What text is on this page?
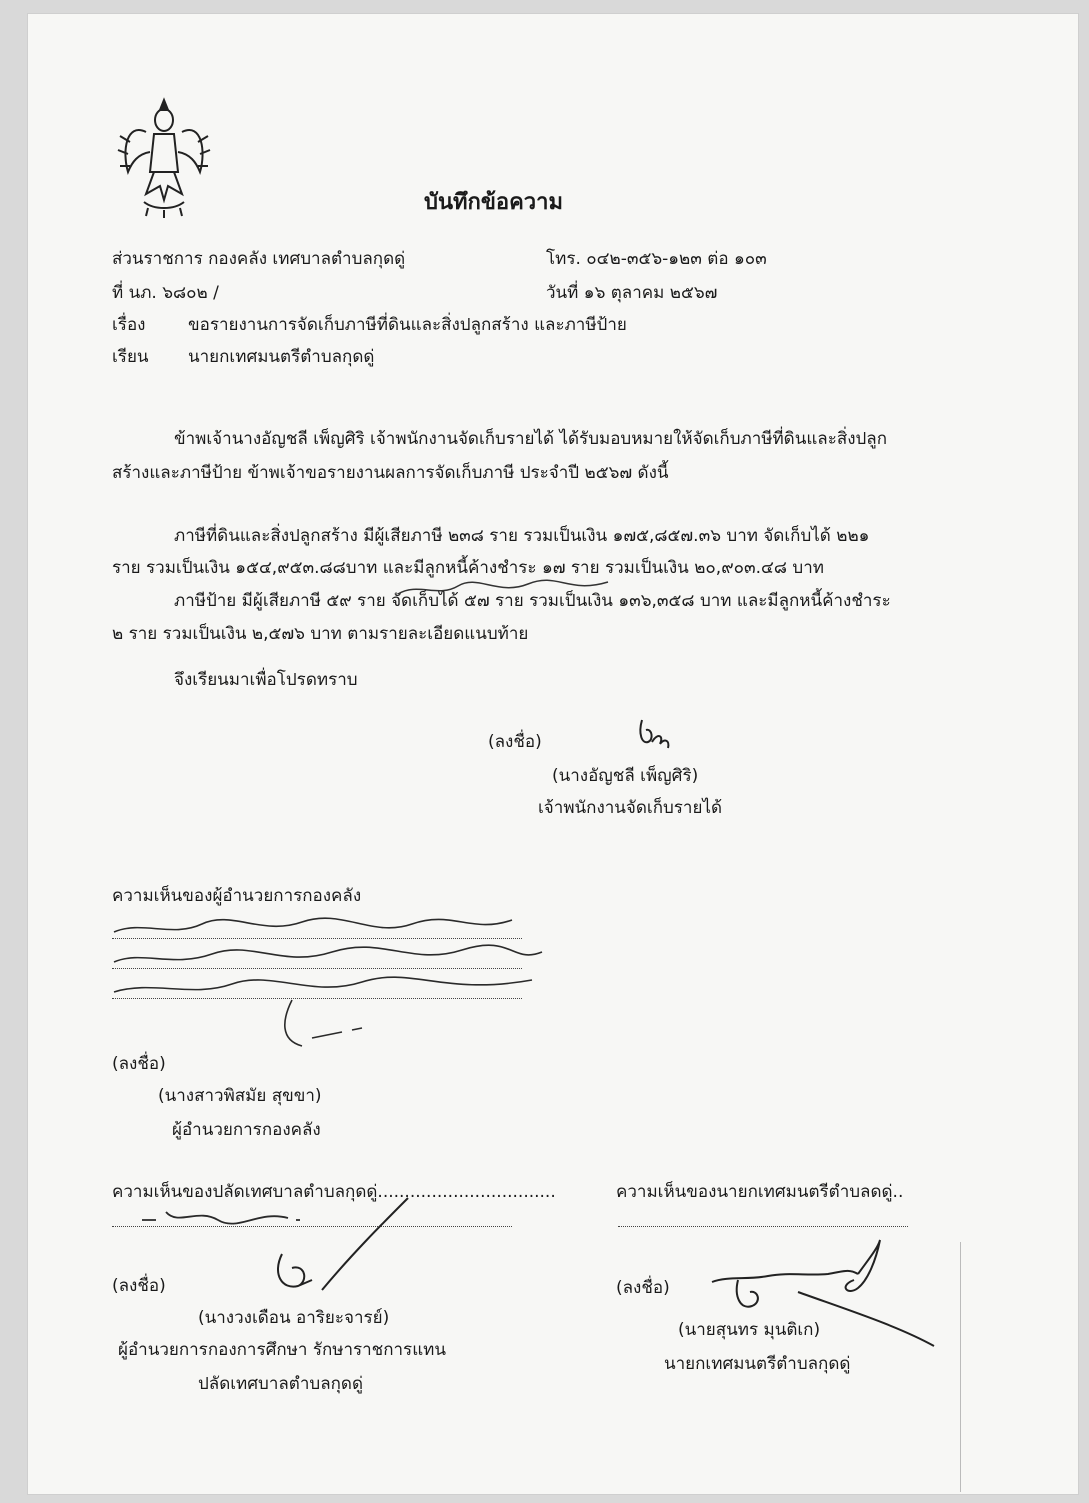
บันทึกข้อความ
ส่วนราชการ กองคลัง เทศบาลตำบลกุดดู่	โทร. ๐๔๒-๓๕๖-๑๒๓ ต่อ ๑๐๓
ที่ นภ. ๖๘๐๒ /	วันที่ ๑๖ ตุลาคม ๒๕๖๗
เรื่อง	ขอรายงานการจัดเก็บภาษีที่ดินและสิ่งปลูกสร้าง และภาษีป้าย
เรียน นายกเทศมนตรีตำบลกุดดู่
ข้าพเจ้านางอัญชลี เพ็ญศิริ เจ้าพนักงานจัดเก็บรายได้ ได้รับมอบหมายให้จัดเก็บภาษีที่ดินและสิ่งปลูก
สร้างและภาษีป้าย ข้าพเจ้าขอรายงานผลการจัดเก็บภาษี ประจำปี ๒๕๖๗ ดังนี้
ภาษีที่ดินและสิ่งปลูกสร้าง มีผู้เสียภาษี ๒๓๘ ราย รวมเป็นเงิน ๑๗๕,๘๕๗.๓๖ บาท จัดเก็บได้ ๒๒๑
ราย รวมเป็นเงิน ๑๕๔,๙๕๓.๘๘บาท และมีลูกหนี้ค้างชำระ ๑๗ ราย รวมเป็นเงิน ๒๐,๙๐๓.๔๘ บาท
ภาษีป้าย มีผู้เสียภาษี ๕๙ ราย จัดเก็บได้ ๕๗ ราย รวมเป็นเงิน ๑๓๖,๓๕๘ บาท และมีลูกหนี้ค้างชำระ
๒ ราย รวมเป็นเงิน ๒,๕๗๖ บาท ตามรายละเอียดแนบท้าย
จึงเรียนมาเพื่อโปรดทราบ
(ลงชื่อ)
(นางอัญชลี เพ็ญศิริ)
เจ้าพนักงานจัดเก็บรายได้
ความเห็นของผู้อำนวยการกองคลัง
(ลงชื่อ)
(นางสาวพิสมัย สุขขา)
ผู้อำนวยการกองคลัง
ความเห็นของปลัดเทศบาลตำบลกุดดู่.................................
(ลงชื่อ)
(นางวงเดือน อาริยะจารย์)
ผู้อำนวยการกองการศึกษา รักษาราชการแทน
ปลัดเทศบาลตำบลกุดดู่
ความเห็นของนายกเทศมนตรีตำบลดดู่..
(ลงชื่อ)
(นายสุนทร มุนติเก)
นายกเทศมนตรีตำบลกุดดู่
